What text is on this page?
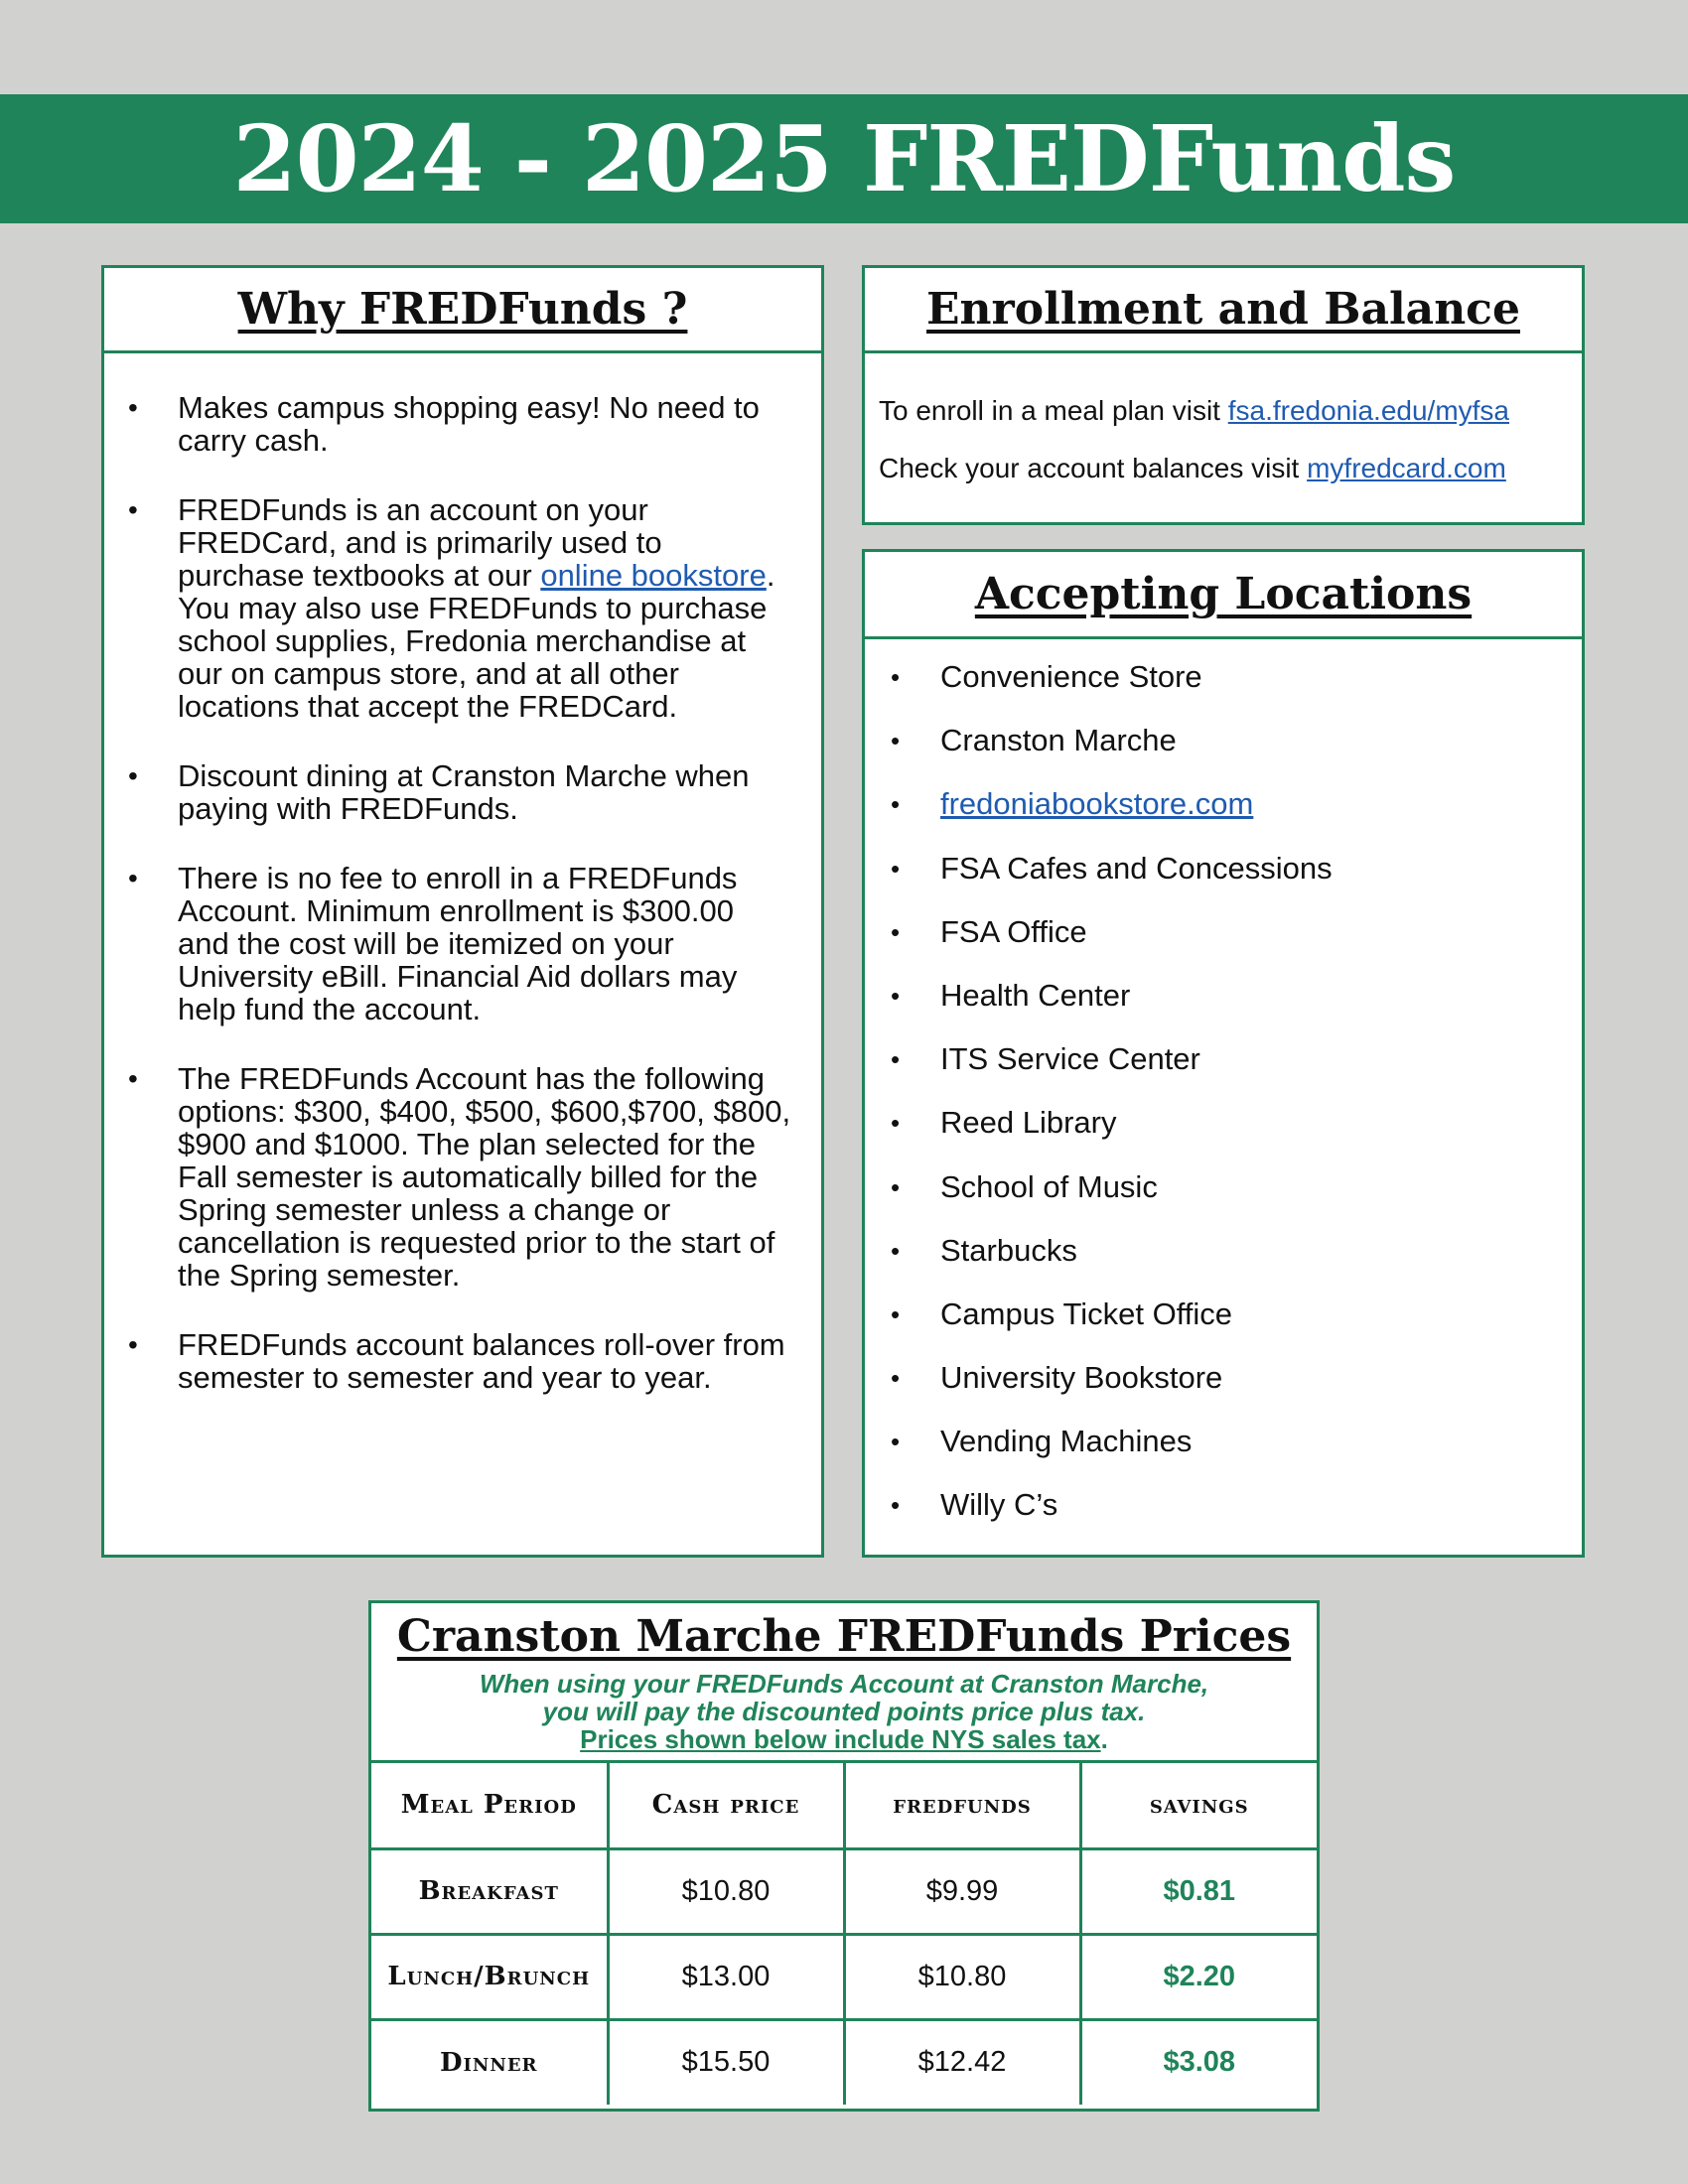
2024 - 2025 FREDFunds
Why FREDFunds ?
• Makes campus shopping easy! No need to carry cash.
• FREDFunds is an account on your FREDCard, and is primarily used to purchase textbooks at our online bookstore. You may also use FREDFunds to purchase school supplies, Fredonia merchandise at our on campus store, and at all other locations that accept the FREDCard.
• Discount dining at Cranston Marche when paying with FREDFunds.
• There is no fee to enroll in a FREDFunds Account. Minimum enrollment is $300.00 and the cost will be itemized on your University eBill. Financial Aid dollars may help fund the account.
• The FREDFunds Account has the following options: $300, $400, $500, $600,$700, $800, $900 and $1000. The plan selected for the Fall semester is automatically billed for the Spring semester unless a change or cancellation is requested prior to the start of the Spring semester.
• FREDFunds account balances roll-over from semester to semester and year to year.
Enrollment and Balance
To enroll in a meal plan visit fsa.fredonia.edu/myfsa
Check your account balances visit myfredcard.com
Accepting Locations
• Convenience Store
• Cranston Marche
• fredoniabookstore.com
• FSA Cafes and Concessions
• FSA Office
• Health Center
• ITS Service Center
• Reed Library
• School of Music
• Starbucks
• Campus Ticket Office
• University Bookstore
• Vending Machines
• Willy C’s
Cranston Marche FREDFunds Prices
When using your FREDFunds Account at Cranston Marche,
you will pay the discounted points price plus tax.
Prices shown below include NYS sales tax.
Meal Period	Cash price	fredfunds	savings
Breakfast	$10.80	$9.99	$0.81
Lunch/Brunch	$13.00	$10.80	$2.20
Dinner	$15.50	$12.42	$3.08
